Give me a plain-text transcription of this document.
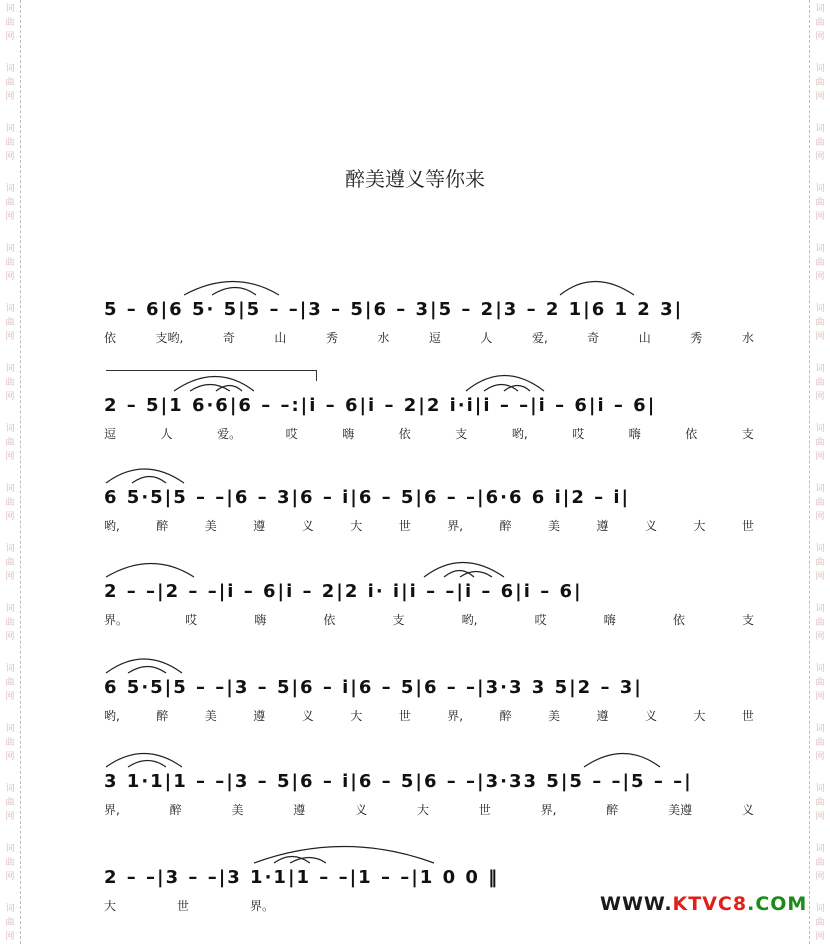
词
曲
网
词
曲
网
词
曲
网
词
曲
网
词
曲
网
词
曲
网
词
曲
网
词
曲
网
词
曲
网
词
曲
网
词
曲
网
词
曲
网
词
曲
网
词
曲
网
词
曲
网
词
曲
网
词
曲
网
词
曲
网
词
曲
网
词
曲
网
词
曲
网
词
曲
网
词
曲
网
词
曲
网
词
曲
网
词
曲
网
词
曲
网
词
曲
网
词
曲
网
词
曲
网
词
曲
网
词
曲
网
醉美遵义等你来
5 – 6|6 5· 5|5 – –|3 – 5|6 – 3|5 – 2|3 – 2 1|6 1 2 3|
依	支哟,	奇	山	秀	水	逗	人	爱,	奇	山	秀	水
2 – 5|1 6·6|6 – –:|i – 6|i – 2|2 i·i|i – –|i – 6|i – 6|
逗	人	爱。	哎	嗨	依	支	哟,	哎	嗨	依	支
6 5·5|5 – –|6 – 3|6 – i|6 – 5|6 – –|6·6 6 i|2 – i|
哟,	醉	美	遵	义	大	世	界,	醉	美	遵	义	大	世
2 – –|2 – –|i – 6|i – 2|2 i· i|i – –|i – 6|i – 6|
界。	哎	嗨	依	支	哟,	哎	嗨	依	支
6 5·5|5 – –|3 – 5|6 – i|6 – 5|6 – –|3·3 3 5|2 – 3|
哟,	醉	美	遵	义	大	世	界,	醉	美	遵	义	大	世
3 1·1|1 – –|3 – 5|6 – i|6 – 5|6 – –|3·33 5|5 – –|5 – –|
界,	醉	美	遵	义	大	世	界,	醉	美遵	义
2 – –|3 – –|3 1·1|1 – –|1 – –|1 0 0 ‖
大	世	界。	WWW.KTVC8.COM
